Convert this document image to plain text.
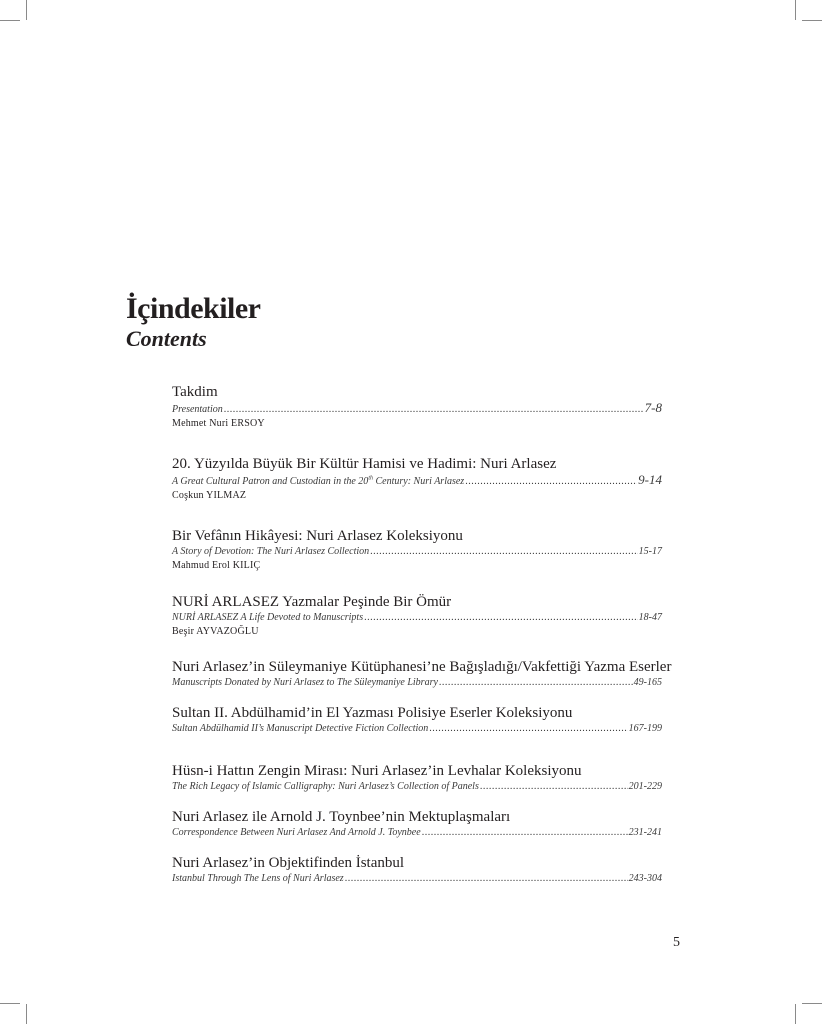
İçindekiler
Contents
Takdim
Presentation .....	7-8
Mehmet Nuri ERSOY
20. Yüzyılda Büyük Bir Kültür Hamisi ve Hadimi: Nuri Arlasez
A Great Cultural Patron and Custodian in the 20th Century: Nuri Arlasez .....	9-14
Coşkun YILMAZ
Bir Vefânın Hikâyesi: Nuri Arlasez Koleksiyonu
A Story of Devotion: The Nuri Arlasez Collection .....	15-17
Mahmud Erol KILIÇ
NURİ ARLASEZ Yazmalar Peşinde Bir Ömür
NURİ ARLASEZ A Life Devoted to Manuscripts .....	18-47
Beşir AYVAZOĞLU
Nuri Arlasez’in Süleymaniye Kütüphanesi’ne Bağışladığı/Vakfettiği Yazma Eserler
Manuscripts Donated by Nuri Arlasez to The Süleymaniye Library .....	49-165
Sultan II. Abdülhamid’in El Yazması Polisiye Eserler Koleksiyonu
Sultan Abdülhamid II’s Manuscript Detective Fiction Collection .....	167-199
Hüsn-i Hattın Zengin Mirası: Nuri Arlasez’in Levhalar Koleksiyonu
The Rich Legacy of Islamic Calligraphy: Nuri Arlasez’s Collection of Panels .....	201-229
Nuri Arlasez ile Arnold J. Toynbee’nin Mektuplaşmaları
Correspondence Between Nuri Arlasez And Arnold J. Toynbee .....	231-241
Nuri Arlasez’in Objektifinden İstanbul
Istanbul Through The Lens of Nuri Arlasez .....	243-304
5
